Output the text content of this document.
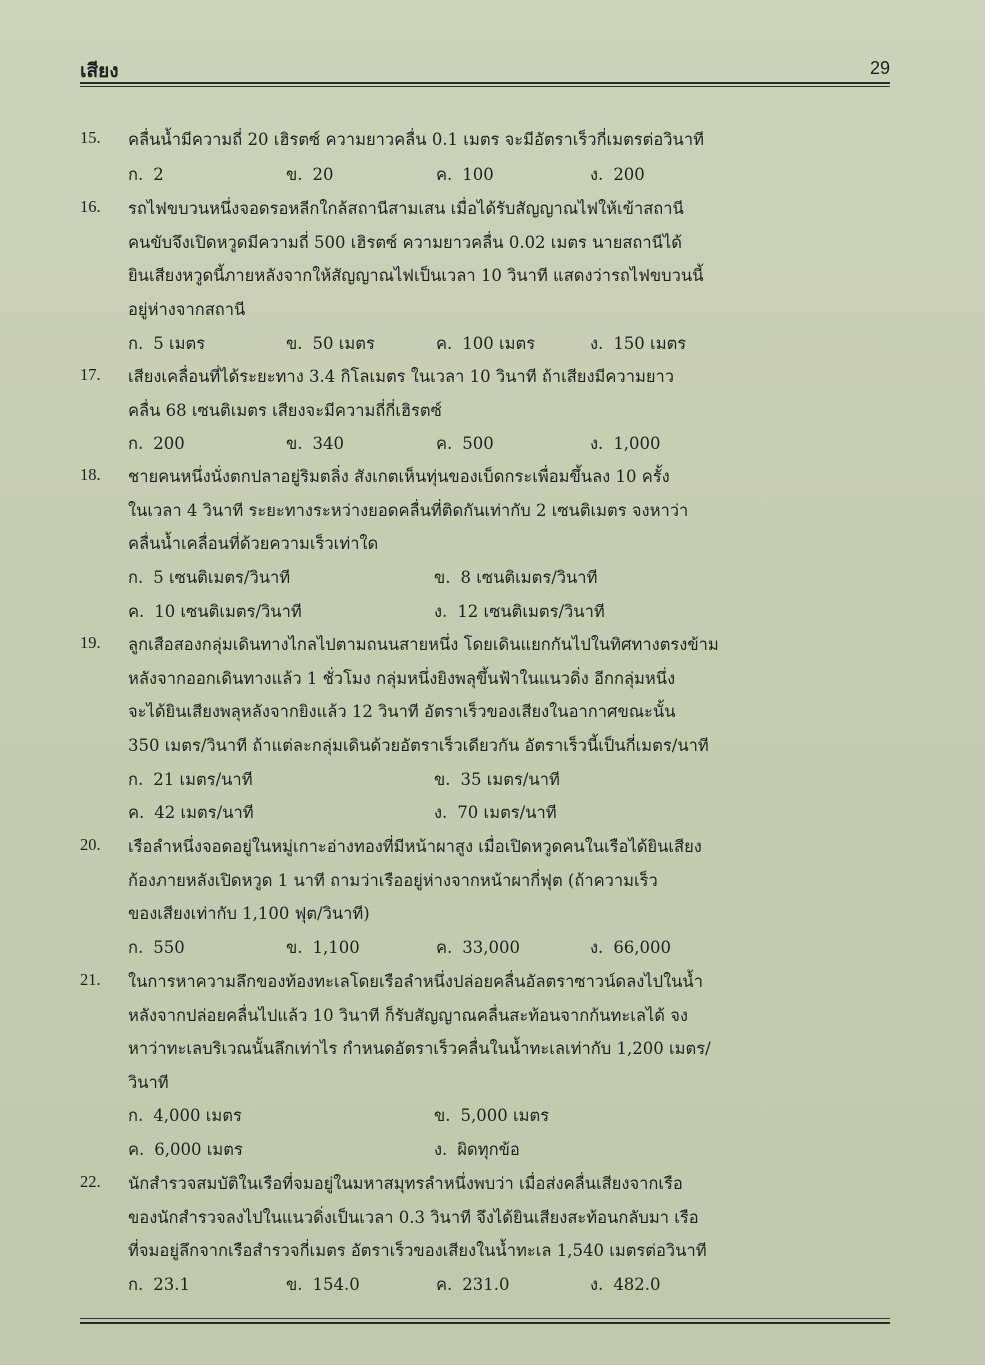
เสียง	29
15.	คลื่นน้ำมีความถี่ 20 เฮิรตซ์ ความยาวคลื่น 0.1 เมตร จะมีอัตราเร็วกี่เมตรต่อวินาที
ก. 2	ข. 20	ค. 100	ง. 200
16.	รถไฟขบวนหนึ่งจอดรอหลีกใกล้สถานีสามเสน เมื่อได้รับสัญญาณไฟให้เข้าสถานี
คนขับจึงเปิดหวูดมีความถี่ 500 เฮิรตซ์ ความยาวคลื่น 0.02 เมตร นายสถานีได้
ยินเสียงหวูดนี้ภายหลังจากให้สัญญาณไฟเป็นเวลา 10 วินาที แสดงว่ารถไฟขบวนนี้
อยู่ห่างจากสถานี
ก. 5 เมตร	ข. 50 เมตร	ค. 100 เมตร	ง. 150 เมตร
17.	เสียงเคลื่อนที่ได้ระยะทาง 3.4 กิโลเมตร ในเวลา 10 วินาที ถ้าเสียงมีความยาว
คลื่น 68 เซนติเมตร เสียงจะมีความถี่กี่เฮิรตซ์
ก. 200	ข. 340	ค. 500	ง. 1,000
18.	ชายคนหนึ่งนั่งตกปลาอยู่ริมตลิ่ง สังเกตเห็นทุ่นของเบ็ดกระเพื่อมขึ้นลง 10 ครั้ง
ในเวลา 4 วินาที ระยะทางระหว่างยอดคลื่นที่ติดกันเท่ากับ 2 เซนติเมตร จงหาว่า
คลื่นน้ำเคลื่อนที่ด้วยความเร็วเท่าใด
ก. 5 เซนติเมตร/วินาที	ข. 8 เซนติเมตร/วินาที
ค. 10 เซนติเมตร/วินาที	ง. 12 เซนติเมตร/วินาที
19.	ลูกเสือสองกลุ่มเดินทางไกลไปตามถนนสายหนึ่ง โดยเดินแยกกันไปในทิศทางตรงข้าม
หลังจากออกเดินทางแล้ว 1 ชั่วโมง กลุ่มหนึ่งยิงพลุขึ้นฟ้าในแนวดิ่ง อีกกลุ่มหนึ่ง
จะได้ยินเสียงพลุหลังจากยิงแล้ว 12 วินาที อัตราเร็วของเสียงในอากาศขณะนั้น
350 เมตร/วินาที ถ้าแต่ละกลุ่มเดินด้วยอัตราเร็วเดียวกัน อัตราเร็วนี้เป็นกี่เมตร/นาที
ก. 21 เมตร/นาที	ข. 35 เมตร/นาที
ค. 42 เมตร/นาที	ง. 70 เมตร/นาที
20.	เรือลำหนึ่งจอดอยู่ในหมู่เกาะอ่างทองที่มีหน้าผาสูง เมื่อเปิดหวูดคนในเรือได้ยินเสียง
ก้องภายหลังเปิดหวูด 1 นาที ถามว่าเรืออยู่ห่างจากหน้าผากี่ฟุต (ถ้าความเร็ว
ของเสียงเท่ากับ 1,100 ฟุต/วินาที)
ก. 550	ข. 1,100	ค. 33,000	ง. 66,000
21.	ในการหาความลึกของท้องทะเลโดยเรือลำหนึ่งปล่อยคลื่นอัลตราซาวน์ดลงไปในน้ำ
หลังจากปล่อยคลื่นไปแล้ว 10 วินาที ก็รับสัญญาณคลื่นสะท้อนจากก้นทะเลได้ จง
หาว่าทะเลบริเวณนั้นลึกเท่าไร กำหนดอัตราเร็วคลื่นในน้ำทะเลเท่ากับ 1,200 เมตร/
วินาที
ก. 4,000 เมตร	ข. 5,000 เมตร
ค. 6,000 เมตร	ง. ผิดทุกข้อ
22.	นักสำรวจสมบัติในเรือที่จมอยู่ในมหาสมุทรลำหนึ่งพบว่า เมื่อส่งคลื่นเสียงจากเรือ
ของนักสำรวจลงไปในแนวดิ่งเป็นเวลา 0.3 วินาที จึงได้ยินเสียงสะท้อนกลับมา เรือ
ที่จมอยู่ลึกจากเรือสำรวจกี่เมตร อัตราเร็วของเสียงในน้ำทะเล 1,540 เมตรต่อวินาที
ก. 23.1	ข. 154.0	ค. 231.0	ง. 482.0
